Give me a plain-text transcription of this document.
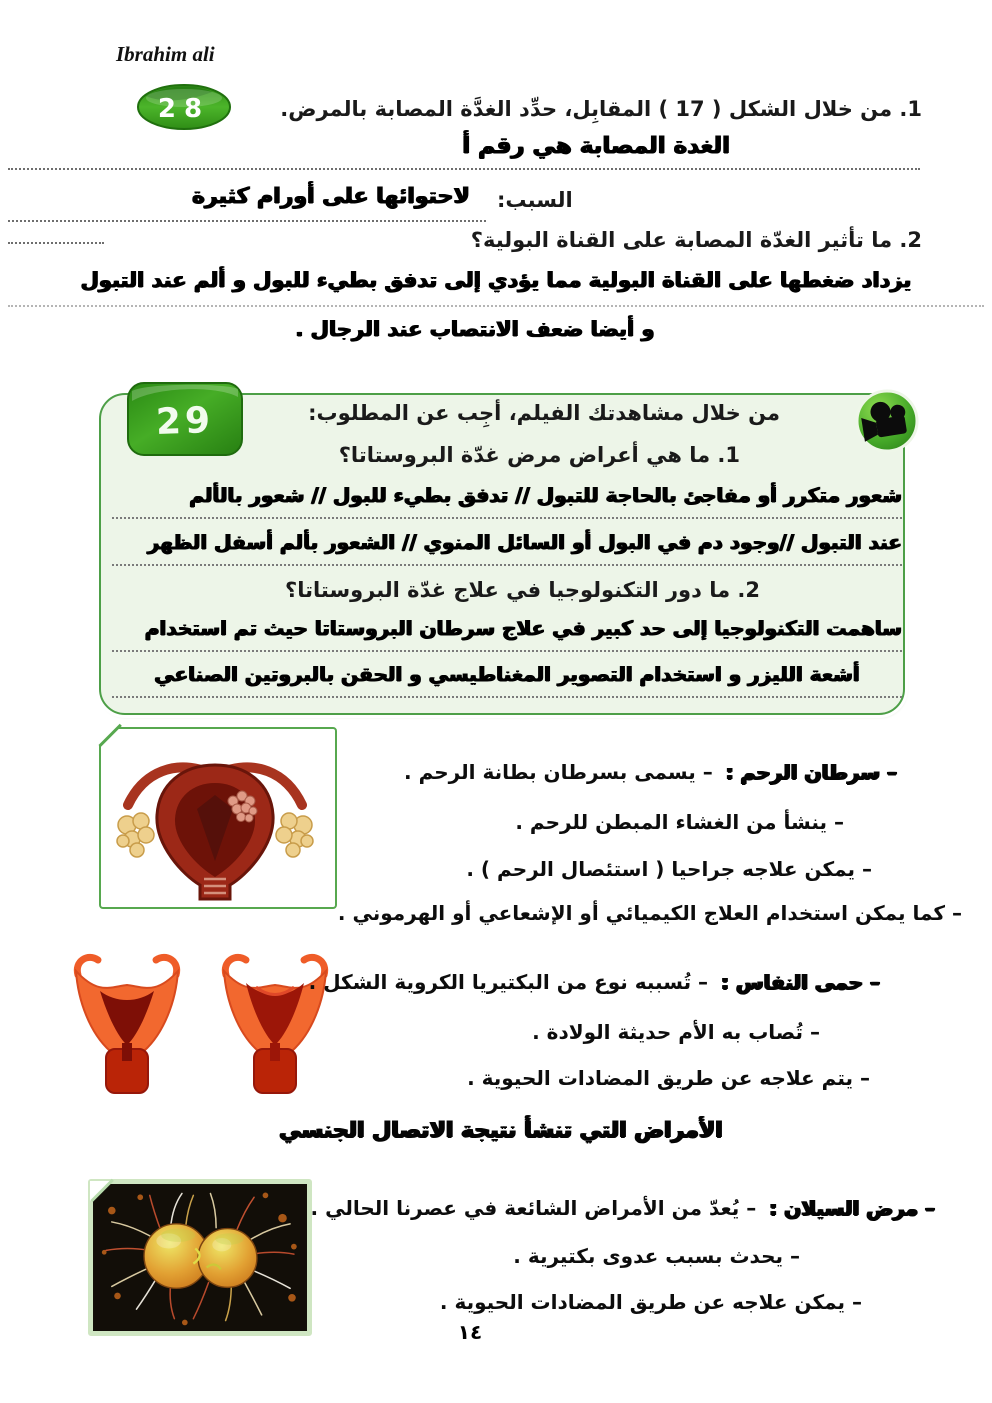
Ibrahim ali
28	1. من خلال الشكل ( 17 ) المقابِل، حدِّد الغدَّة المصابة بالمرض.
الغدة المصابة هي رقم أ
السبب:
لاحتوائها على أورام كثيرة
2. ما تأثير الغدّة المصابة على القناة البولية؟
يزداد ضغطها على القناة البولية مما يؤدي إلى تدفق بطيء للبول و ألم عند التبول
و أيضا ضعف الانتصاب عند الرجال .
29	من خلال مشاهدتك الفيلم، أجِب عن المطلوب:
1. ما هي أعراض مرض غدّة البروستاتا؟
شعور متكرر أو مفاجئ بالحاجة للتبول // تدفق بطيء للبول // شعور بالألم
عند التبول //وجود دم في البول أو السائل المنوي // الشعور بألم أسفل الظهر
2. ما دور التكنولوجيا في علاج غدّة البروستاتا؟
ساهمت التكنولوجيا إلى حد كبير في علاج سرطان البروستاتا حيث تم استخدام
أشعة الليزر و استخدام التصوير المغناطيسي و الحقن بالبروتين الصناعي
– سرطان الرحم : – يسمى بسرطان بطانة الرحم .
– ينشأ من الغشاء المبطن للرحم .
– يمكن علاجه جراحيا ( استئصال الرحم ) .
– كما يمكن استخدام العلاج الكيميائي أو الإشعاعي أو الهرموني .
– حمى النفاس : – تُسببه نوع من البكتيريا الكروية الشكل .
– تُصاب به الأم حديثة الولادة .
– يتم علاجه عن طريق المضادات الحيوية .
الأمراض التي تنشأ نتيجة الاتصال الجنسي
– مرض السيلان : – يُعدّ من الأمراض الشائعة في عصرنا الحالي .
– يحدث بسبب عدوى بكتيرية .
– يمكن علاجه عن طريق المضادات الحيوية .
١٤
